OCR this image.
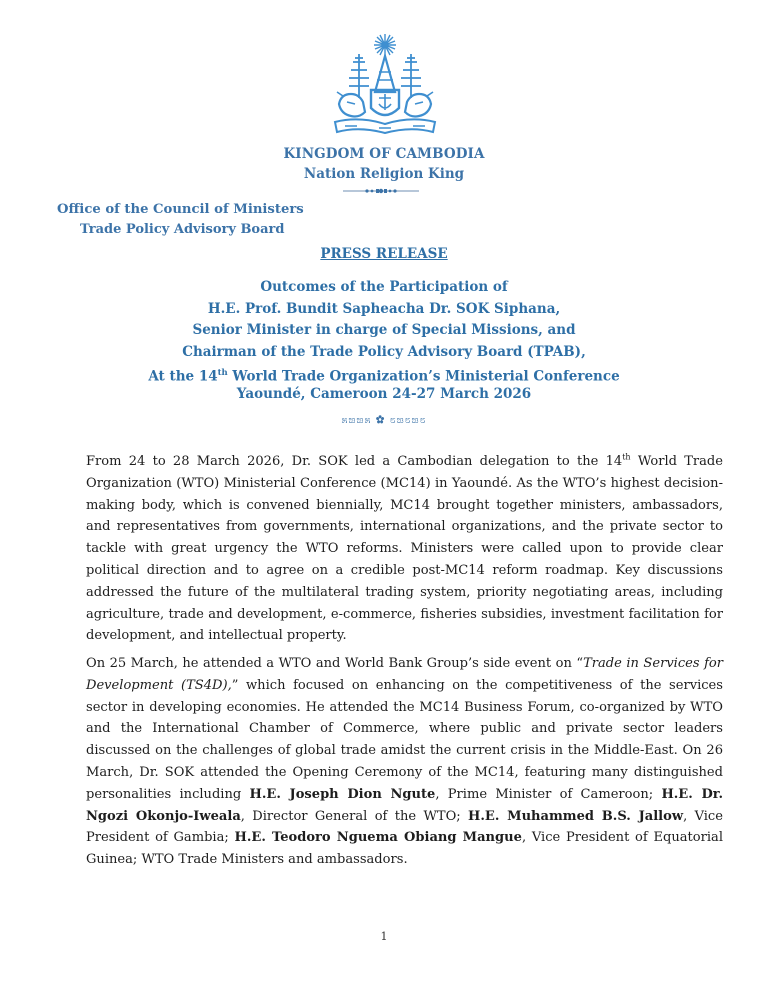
KINGDOM OF CAMBODIA
Nation Religion King
Office of the Council of Ministers
Trade Policy Advisory Board
PRESS RELEASE
Outcomes of the Participation of
H.E. Prof. Bundit Sapheacha Dr. SOK Siphana,
Senior Minister in charge of Special Missions, and
Chairman of the Trade Policy Advisory Board (TPAB),
At the 14th World Trade Organization’s Ministerial Conference
Yaoundé, Cameroon 24-27 March 2026
೫ಙಙ೫ ✿ ೮ಙ೮ಙ೮
From 24 to 28 March 2026, Dr. SOK led a Cambodian delegation to the 14th World Trade Organization (WTO) Ministerial Conference (MC14) in Yaoundé. As the WTO’s highest decision-making body, which is convened biennially, MC14 brought together ministers, ambassadors, and representatives from governments, international organizations, and the private sector to tackle with great urgency the WTO reforms. Ministers were called upon to provide clear political direction and to agree on a credible post-MC14 reform roadmap. Key discussions addressed the future of the multilateral trading system, priority negotiating areas, including agriculture, trade and development, e-commerce, fisheries subsidies, investment facilitation for development, and intellectual property.
On 25 March, he attended a WTO and World Bank Group’s side event on “Trade in Services for Development (TS4D),” which focused on enhancing on the competitiveness of the services sector in developing economies. He attended the MC14 Business Forum, co-organized by WTO and the International Chamber of Commerce, where public and private sector leaders discussed on the challenges of global trade amidst the current crisis in the Middle-East. On 26 March, Dr. SOK attended the Opening Ceremony of the MC14, featuring many distinguished personalities including H.E. Joseph Dion Ngute, Prime Minister of Cameroon; H.E. Dr. Ngozi Okonjo-Iweala, Director General of the WTO; H.E. Muhammed B.S. Jallow, Vice President of Gambia; H.E. Teodoro Nguema Obiang Mangue, Vice President of Equatorial Guinea; WTO Trade Ministers and ambassadors.
1
